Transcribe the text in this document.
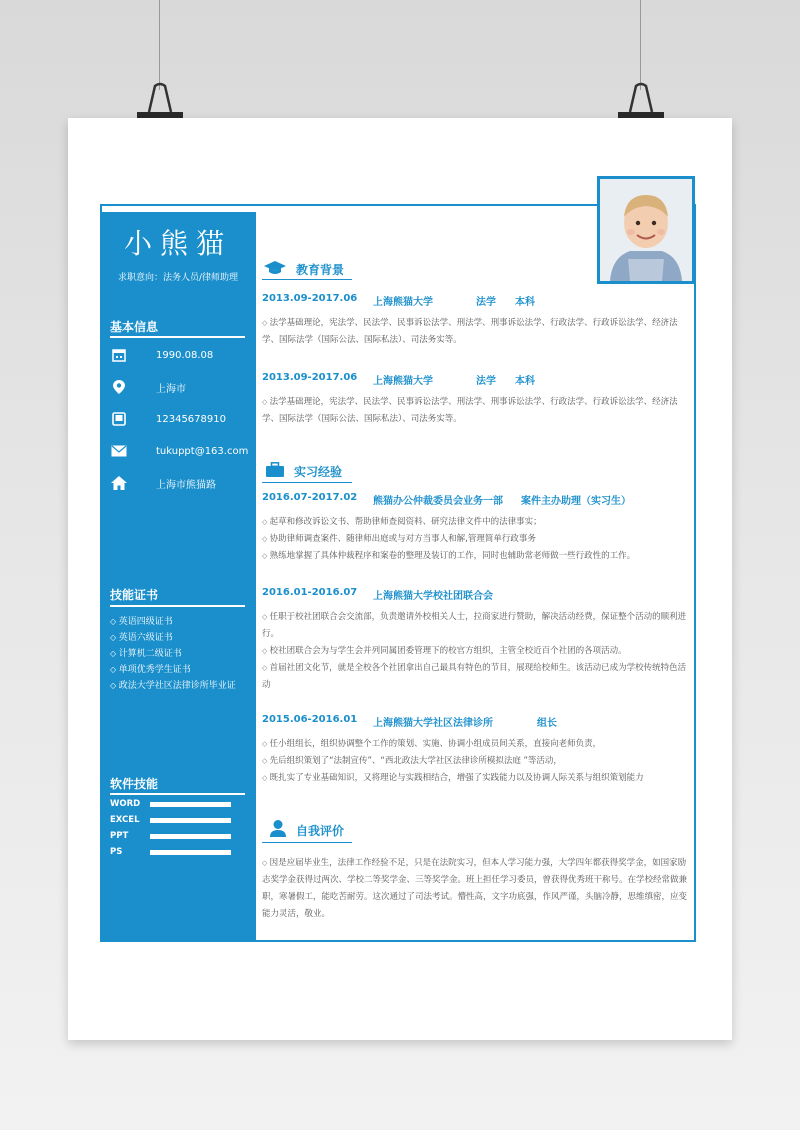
小熊猫
求职意向：法务人员/律师助理
基本信息
1990.08.08
上海市
12345678910
tukuppt@163.com
上海市熊猫路
技能证书
◇ 英语四级证书
◇ 英语六级证书
◇ 计算机二级证书
◇ 单项优秀学生证书
◇ 政法大学社区法律诊所毕业证
软件技能
WORD
EXCEL
PPT
PS
教育背景
2013.09-2017.06 上海熊猫大学	法学 本科
◇ 法学基础理论，宪法学、民法学、民事诉讼法学、刑法学、刑事诉讼法学、行政法学、行政诉讼法学、经济法学、国际法学（国际公法、国际私法）、司法务实等。
2013.09-2017.06 上海熊猫大学	法学 本科
◇ 法学基础理论，宪法学、民法学、民事诉讼法学、刑法学、刑事诉讼法学、行政法学、行政诉讼法学、经济法学、国际法学（国际公法、国际私法）、司法务实等。
实习经验
2016.07-2017.02 熊猫办公仲裁委员会业务一部 案件主办助理（实习生）
◇ 起草和修改诉讼文书、帮助律师查阅资料、研究法律文件中的法律事实；
◇ 协助律师调查案件、随律师出庭或与对方当事人和解,管理简单行政事务
◇ 熟练地掌握了具体仲裁程序和案卷的整理及装订的工作，同时也辅助常老师做一些行政性的工作。
2016.01-2016.07 上海熊猫大学校社团联合会
◇ 任职于校社团联合会交流部，负责邀请外校相关人士，拉商家进行赞助，解决活动经费，保证整个活动的顺利进行。
◇ 校社团联合会为与学生会并列同属团委管理下的校官方组织，主管全校近百个社团的各项活动。
◇ 首届社团文化节，就是全校各个社团拿出自己最具有特色的节目，展现给校师生。该活动已成为学校传统特色活动
2015.06-2016.01 上海熊猫大学社区法律诊所	组长
◇ 任小组组长，组织协调整个工作的策划、实施、协调小组成员间关系，直接向老师负责，
◇ 先后组织策划了“法制宣传”、“西北政法大学社区法律诊所模拟法庭 ”等活动，
◇ 既扎实了专业基础知识，又将理论与实践相结合，增强了实践能力以及协调人际关系与组织策划能力
自我评价
◇ 因是应届毕业生，法律工作经验不足，只是在法院实习，但本人学习能力强，大学四年都获得奖学金，如国家励志奖学金获得过两次、学校二等奖学金、三等奖学金。班上担任学习委员，曾获得优秀班干称号。在学校经常做兼职，寒暑假工，能吃苦耐劳。这次通过了司法考试。懵性高，文字功底强，作风严谨，头脑冷静，思维缜密，应变能力灵活，敬业。
